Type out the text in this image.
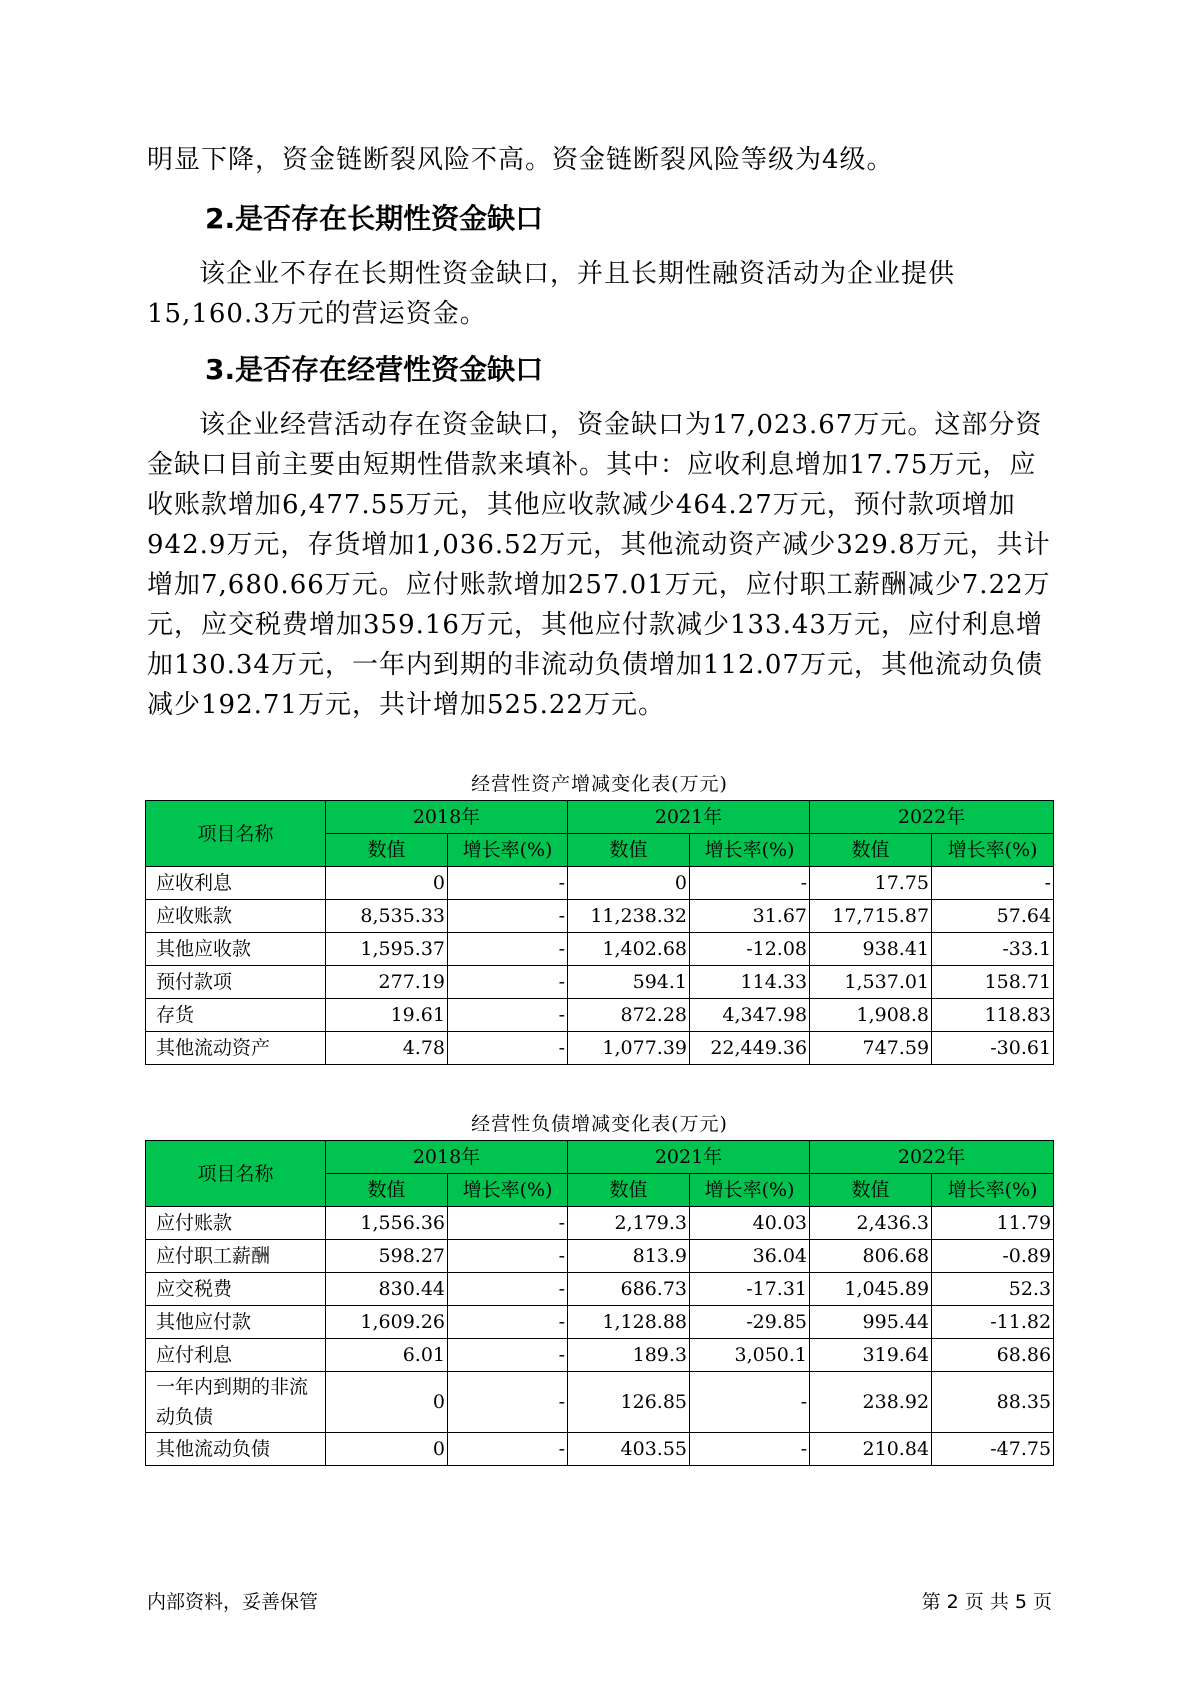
明显下降，资金链断裂风险不高。资金链断裂风险等级为4级。
2.是否存在长期性资金缺口
该企业不存在长期性资金缺口，并且长期性融资活动为企业提供
15,160.3万元的营运资金。
3.是否存在经营性资金缺口
该企业经营活动存在资金缺口，资金缺口为17,023.67万元。这部分资
金缺口目前主要由短期性借款来填补。其中：应收利息增加17.75万元，应
收账款增加6,477.55万元，其他应收款减少464.27万元，预付款项增加
942.9万元，存货增加1,036.52万元，其他流动资产减少329.8万元，共计
增加7,680.66万元。应付账款增加257.01万元，应付职工薪酬减少7.22万
元，应交税费增加359.16万元，其他应付款减少133.43万元，应付利息增
加130.34万元，一年内到期的非流动负债增加112.07万元，其他流动负债
减少192.71万元，共计增加525.22万元。
经营性资产增减变化表(万元)
项目名称	2018年		2021年		2022年	
	数值	增长率(%)	数值	增长率(%)	数值	增长率(%)
应收利息	0	-	0	-	17.75	-
应收账款	8,535.33	-	11,238.32	31.67	17,715.87	57.64
其他应收款	1,595.37	-	1,402.68	-12.08	938.41	-33.1
预付款项	277.19	-	594.1	114.33	1,537.01	158.71
存货	19.61	-	872.28	4,347.98	1,908.8	118.83
其他流动资产	4.78	-	1,077.39	22,449.36	747.59	-30.61
经营性负债增减变化表(万元)
项目名称	2018年		2021年		2022年	
	数值	增长率(%)	数值	增长率(%)	数值	增长率(%)
应付账款	1,556.36	-	2,179.3	40.03	2,436.3	11.79
应付职工薪酬	598.27	-	813.9	36.04	806.68	-0.89
应交税费	830.44	-	686.73	-17.31	1,045.89	52.3
其他应付款	1,609.26	-	1,128.88	-29.85	995.44	-11.82
应付利息	6.01	-	189.3	3,050.1	319.64	68.86
一年内到期的非流动负债	0	-	126.85	-	238.92	88.35
其他流动负债	0	-	403.55	-	210.84	-47.75
内部资料，妥善保管	第 2 页 共 5 页
